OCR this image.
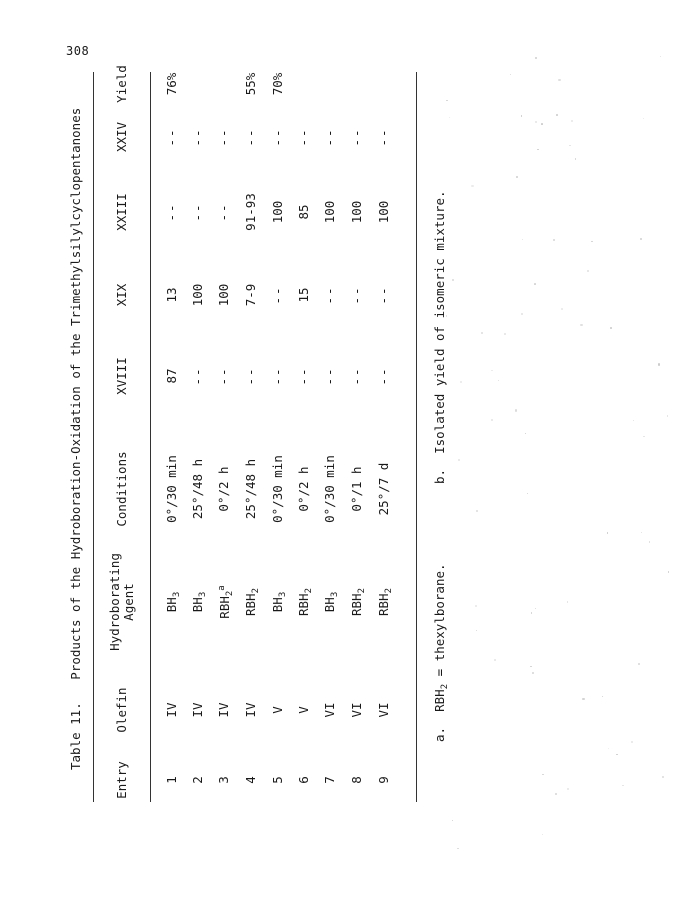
308
Table 11.   Products of the Hydroboration-Oxidation of the Trimethylsilylcyclopentanones
Entry
Olefin
Hydroborating Agent
Conditions
XVIII
XIX
XXIII
XXIV
Yield
1
IV
$BH_3$
0°/30 min
87
13
--
--
76%
2
IV
$BH_3$
25°/48 h
--
100
--
--
3
IV
$RBH_2^a$
0°/2 h
--
100
--
--
4
IV
$RBH_2$
25°/48 h
--
7-9
91-93
--
55%
5
V
$BH_3$
0°/30 min
--
--
100
--
70%
6
V
$RBH_2$
0°/2 h
--
15
85
--
7
VI
$BH_3$
0°/30 min
--
--
100
--
8
VI
$RBH_2$
0°/1 h
--
--
100
--
9
VI
$RBH_2$
25°/7 d
--
--
100
--
a.  $RBH_2$ = thexylborane.
b.  Isolated yield of isomeric mixture.
